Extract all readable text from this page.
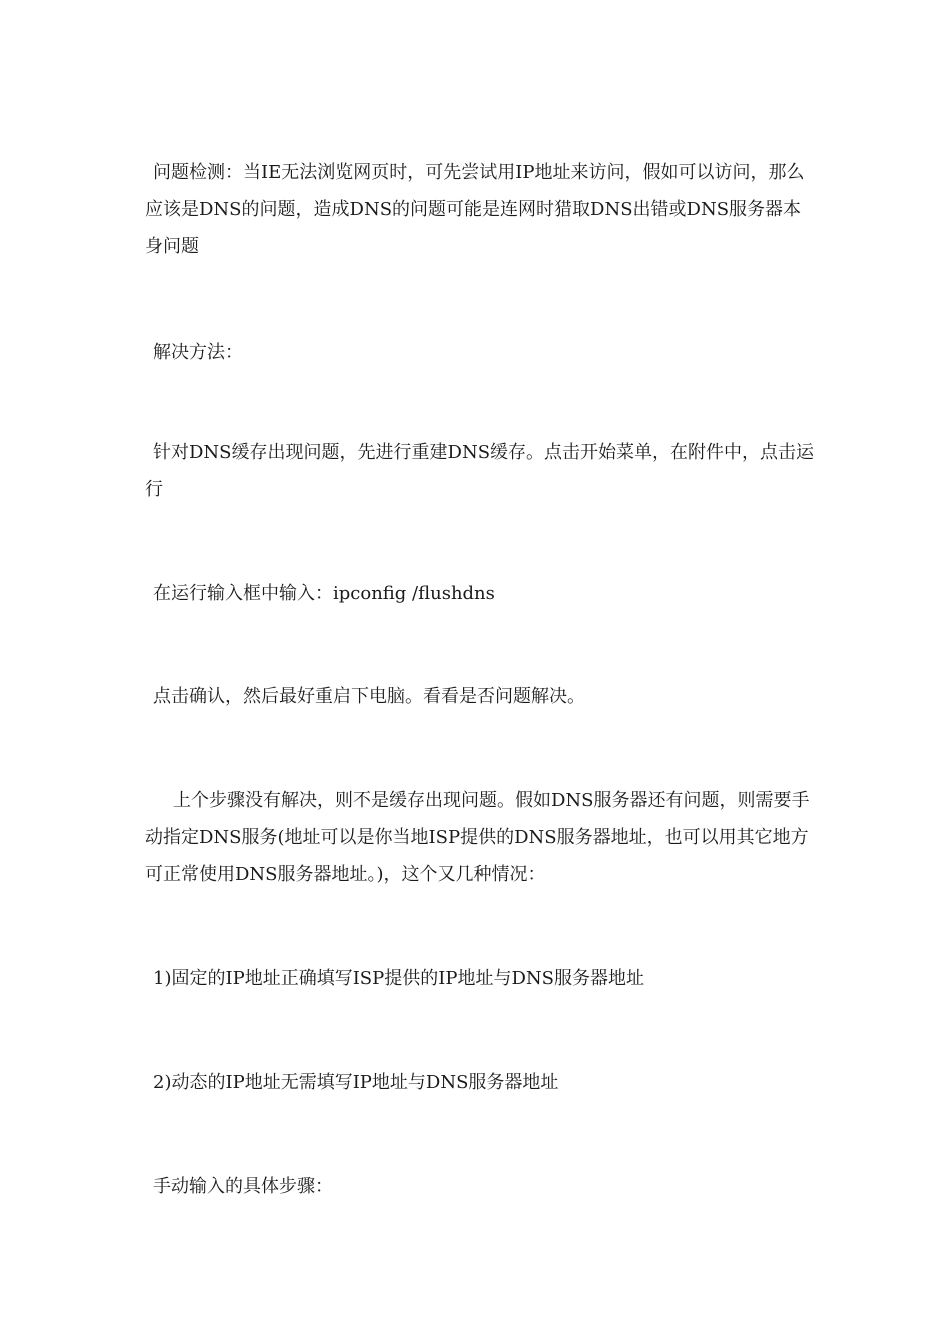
问题检测：当IE无法浏览网页时，可先尝试用IP地址来访问，假如可以访问，那么应该是DNS的问题，造成DNS的问题可能是连网时猎取DNS出错或DNS服务器本身问题

解决方法：

针对DNS缓存出现问题，先进行重建DNS缓存。点击开始菜单，在附件中，点击运行

在运行输入框中输入：ipconfig /flushdns

点击确认，然后最好重启下电脑。看看是否问题解决。

上个步骤没有解决，则不是缓存出现问题。假如DNS服务器还有问题，则需要手动指定DNS服务(地址可以是你当地ISP提供的DNS服务器地址，也可以用其它地方可正常使用DNS服务器地址。)，这个又几种情况：

1)固定的IP地址正确填写ISP提供的IP地址与DNS服务器地址

2)动态的IP地址无需填写IP地址与DNS服务器地址

手动输入的具体步骤：
